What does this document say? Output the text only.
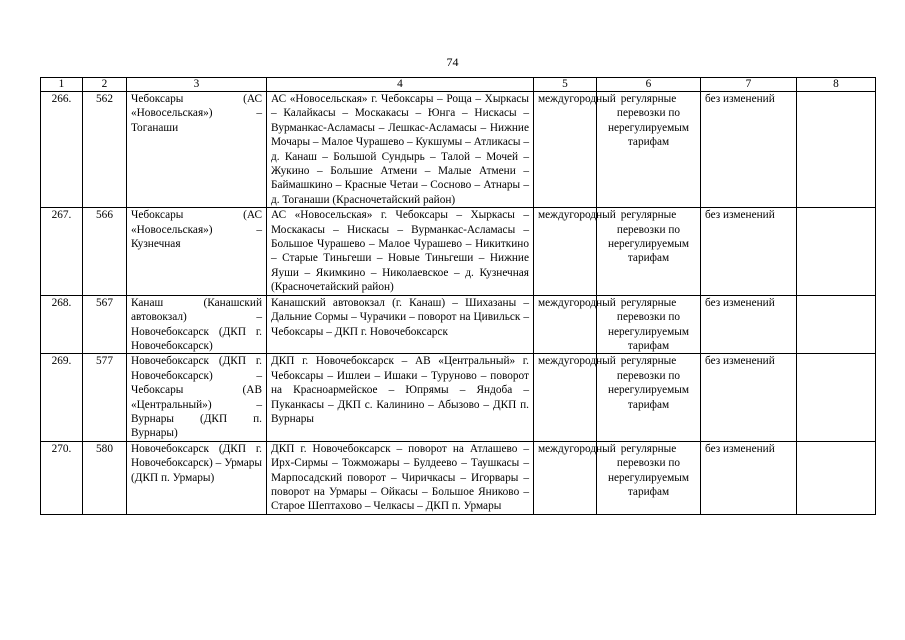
74
1	2	3	4	5	6	7	8
266.	562	Чебоксары (АС «Новосельская») – Тоганаши	АС «Новосельская» г. Чебоксары – Роща – Хыркасы – Калайкасы – Москакасы – Юнга – Нискасы – Вурманкас-Асламасы – Лешкас-Асламасы – Нижние Мочары – Малое Чурашево – Кукшумы – Атликасы – д. Канаш – Большой Сундырь – Талой – Мочей – Жукино – Большие Атмени – Малые Атмени – Баймашкино – Красные Четаи – Сосново – Атнары – д. Тоганаши (Красночетайский район)	междугородный	регулярные перевозки по нерегулируемым тарифам	без изменений	
267.	566	Чебоксары (АС «Новосельская») – Кузнечная	АС «Новосельская» г. Чебоксары – Хыркасы – Москакасы – Нискасы – Вурманкас-Асламасы – Большое Чурашево – Малое Чурашево – Никиткино – Старые Тиньгеши – Новые Тиньгеши – Нижние Яуши – Якимкино – Николаевское – д. Кузнечная (Красночетайский район)	междугородный	регулярные перевозки по нерегулируемым тарифам	без изменений	
268.	567	Канаш (Канашский автовокзал) – Новочебоксарск (ДКП г. Новочебоксарск)	Канашский автовокзал (г. Канаш) – Шихазаны – Дальние Сормы – Чурачики – поворот на Цивильск – Чебоксары – ДКП г. Новочебоксарск	междугородный	регулярные перевозки по нерегулируемым тарифам	без изменений	
269.	577	Новочебоксарск (ДКП г. Новочебоксарск) – Чебоксары (АВ «Центральный») – Вурнары (ДКП п. Вурнары)	ДКП г. Новочебоксарск – АВ «Центральный» г. Чебоксары – Ишлеи – Ишаки – Туруново – поворот на Красноармейское – Юпрямы – Яндоба – Пуканкасы – ДКП с. Калинино – Абызово – ДКП п. Вурнары	междугородный	регулярные перевозки по нерегулируемым тарифам	без изменений	
270.	580	Новочебоксарск (ДКП г. Новочебоксарск) – Урмары (ДКП п. Урмары)	ДКП г. Новочебоксарск – поворот на Атлашево – Ирх-Сирмы – Тожможары – Булдеево – Таушкасы – Марпосадский поворот – Чиричкасы – Игорвары – поворот на Урмары – Ойкасы – Большое Яниково – Старое Шептахово – Челкасы – ДКП п. Урмары	междугородный	регулярные перевозки по нерегулируемым тарифам	без изменений	
